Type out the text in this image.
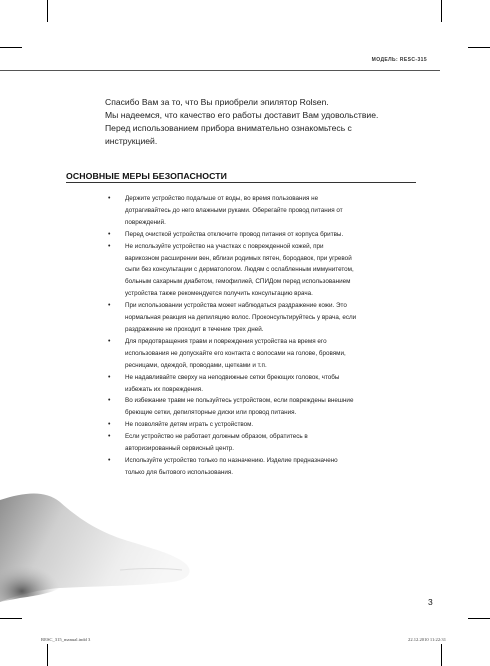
МОДЕЛЬ: RESC-315

Спасибо Вам за то, что Вы приобрели эпилятор Rolsen.

Мы надеемся, что качество его работы доставит Вам удовольствие.

Перед использованием прибора внимательно ознакомьтесь с

инструкцией.

ОСНОВНЫЕ МЕРЫ БЕЗОПАСНОСТИ
• Держите устройство подальше от воды, во время пользования не
дотрагивайтесь до него влажными руками. Оберегайте провод питания от
повреждений.
• Перед очисткой устройства отключите провод питания от корпуса бритвы.
• Не используйте устройство на участках с поврежденной кожей, при
варикозном расширении вен, вблизи родимых пятен, бородавок, при угревой
сыпи без консультации с дерматологом. Людям с ослабленным иммунитетом,
больным сахарным диабетом, гемофилией, СПИДом перед использованием
устройства также рекомендуется получить консультацию врача.
• При использовании устройства может наблюдаться раздражение кожи. Это
нормальная реакция на депиляцию волос. Проконсультируйтесь у врача, если
раздражение не проходит в течение трех дней.
• Для предотвращения травм и повреждения устройства на время его
использования не допускайте его контакта с волосами на голове, бровями,
ресницами, одеждой, проводами, щетками и т.п.
• Не надавливайте сверху на неподвижные сетки бреющих головок, чтобы
избежать их повреждения.
• Во избежание травм не пользуйтесь устройством, если повреждены внешние
бреющие сетки, депиляторные диски или провод питания.
• Не позволяйте детям играть с устройством.
• Если устройство не работает должным образом, обратитесь в
авторизированный сервисный центр.
• Используйте устройство только по назначению. Изделие предназначено
только для бытового использования.
3
RESC_315_manual.indd 3	22.12.2010 11:22:31
